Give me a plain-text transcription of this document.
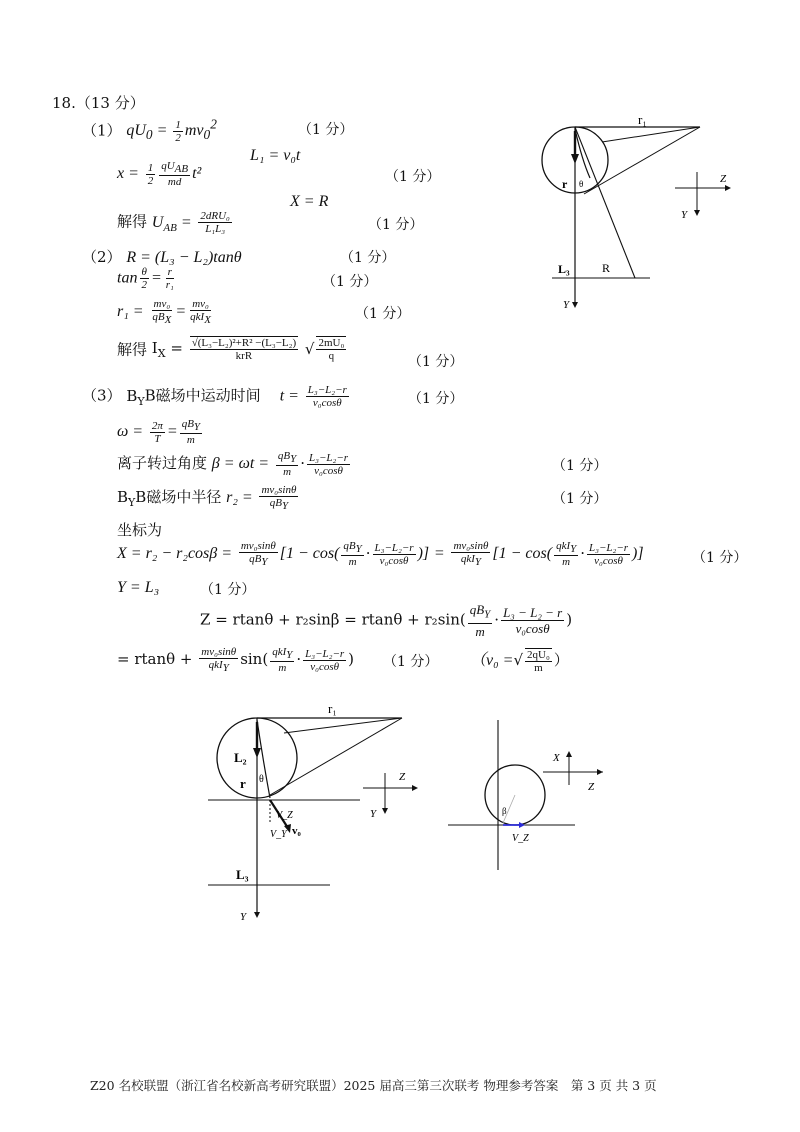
18.（13 分）
（1） $qU_0 = \frac{1}{2} mv_0^2$	（1 分）
L₁ = v₀t
$x = \frac{1}{2} \frac{qU_{AB}}{md} t^2$	（1 分）
X = R
解得 $U_{AB} = \frac{\text{2dRU₀}}{\text{L₁L₃}}$	（1 分）
（2） R = (L₃ − L₂)tanθ	（1 分）
$\tan \frac{\theta}{2} = \frac{r}{\text{r₁}}$	（1 分）
$r_1 = \frac{\text{mv₀}}{qB_X} = \frac{\text{mv₀}}{qkI_X}$	（1 分）
解得 $I_X = \frac{\text{√(L₃−L₂)²+R² −(L₃−L₂)}}{\text{krR}}$ √ $\frac{\text{2mU₀}}{q}$	（1 分）
（3） $B_YB$磁场中运动时间 $t = \frac{\text{L₃−L₂−r}}{\text{v₀cosθ}}$	（1 分）
$\omega = \frac{2\pi}{T} = \frac{qB_Y}{m}$
离子转过角度 $\beta = \omega t = \frac{qB_Y}{m} \cdot \frac{\text{L₃−L₂−r}}{\text{v₀cosθ}}$	（1 分）
$B_YB$磁场中半径 $r_2 = \frac{\text{mv₀sinθ}}{qB_Y}$	（1 分）
坐标为
$X = r_2 - r_2\cos\beta = \frac{\text{mv₀sinθ}}{qB_Y} [1 - \cos( \frac{qB_Y}{m} \cdot \frac{\text{L₃−L₂−r}}{\text{v₀cosθ}}$ )] = $\frac{\text{mv₀sinθ}}{qkI_Y} [1 - \cos( \frac{qkI_Y}{m} \cdot \frac{\text{L₃−L₂−r}}{\text{v₀cosθ}}$ )]	（1 分）
Y = L₃	（1 分）
$Z = rtan\theta + r_2\sin\beta = rtan\theta + r_2\sin( \frac{qB_Y}{m} \cdot \frac{\text{L₃ − L₂ − r}}{\text{v₀cosθ}}$ )
= $rtan\theta + \frac{\text{mv₀sinθ}}{qkI_Y} \sin( \frac{qkI_Y}{m} \cdot \frac{\text{L₃−L₂−r}}{\text{v₀cosθ}}$ ) （1 分） （v₀ =√ $\frac{\text{2qU₀}}{m}$ ）
r₁
r θ
L₃	R
Y
Z
Y
r₁
L₂
r θ
V_Z
V_Y v₀
L₃
Y
Z
Y
X
Z
β
V_Z
Z20 名校联盟（浙江省名校新高考研究联盟）2025 届高三第三次联考 物理参考答案　第 3 页 共 3 页
